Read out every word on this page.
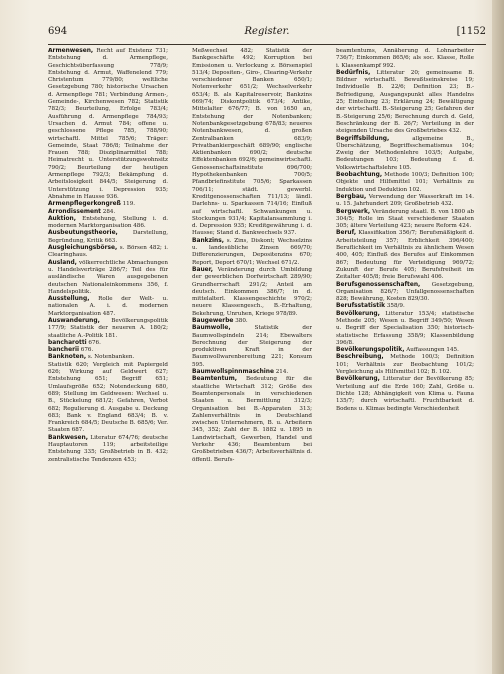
694	Register.	[1152

Armenwesen, Recht auf Existenz 731; Entstehung d. Armenpflege, Geschichtsüberfassung 778/9; Entstehung d. Armut, Waffenelend 779; Christentum 779/80; weltliche Gesetzgebung 780; historische Ursachen d. Armenpflege 781; Verbindung Armen-, Gemeinde-, Kirchenwesen 782; Statistik 782/3; Beurteilung, Erfolge 783/4; Ausführung d. Armenpflege 784/93; Ursachen d. Armut 784; offene u. geschlossene Pflege 785, 788/90; wirtschaftl. Mittel 785/6; Träger: Gemeinde, Staat 786/8; Teilnahme der Frauen 788; Disziplinarmittel 788; Heimatrecht u. Unterstützungswohnsitz 790/2; Beurteilung der heutigen Armenpflege 792/3; Bekämpfung d. Arbeitslosigkeit 844/5; Steigerung d. Unterstützung i. Depression 935; Abnahme in Hausse 936.

Armenpflegerkongreß 119.

Arrondissement 284.

Auktion, Entstehung, Stellung i. d. modernen Marktorganisation 486.

Ausbeutungstheorie, Darstellung, Begründung, Kritik 663.

Ausgleichungsbörse, s. Börsen 482; i. Clearinghaus.

Ausland, völkerrechtliche Abmachungen u. Handelsverträge 286/7; Teil des für ausländische Waren ausgegebenen deutschen Nationaleinkommens 356, f. Handelspolitik.

Ausstellung, Rolle der Welt- u. nationalen A. i. d. modernen Marktorganisation 487.

Auswanderung, Bevölkerungspolitik 177/9; Statistik der neueren A. 180/2; staatliche A.-Politik 181.

bancharotti 676.

bancherii 676.

Banknoten, s. Notenbanken.

Statistik 620; Vergleich mit Papiergeld 626; Wirkung auf Geldwert 627; Entstehung 651; Begriff 651; Umlaufsgröße 652; Notendeckung 680, 689; Stellung im Geldwesen: Wechsel u. B., Stückelung 681/2; Gefahren, Verbot 682; Regulierung d. Ausgabe u. Deckung 683; Bank v. England 683/4; B. v. Frankreich 684/5; Deutsche B. 685/6; Ver. Staaten 687.

Bankwesen, Literatur 674/76; deutsche Hauptautoren 119; arbeitsteilige Entstehung 335; Großbetrieb in B. 432; zentralistische Tendenzen 453;

Meßwechsel 482; Statistik der Bankgeschäfte 492; Korruption bei Emissionen u. Verlockung z. Börsenspiel 513/4; Depositen-, Giro-, Clearing-Verkehr verschiedener Banken 650/1; Notenverkehr 651/2; Wechselverkehr 653/4; B. als Kapitalreservoir, Bankzins 669/74; Diskontpolitik 673/4; Antike, Mittelalter 676/77; B. von 1650 an, Entstehung der Notenbanken; Notenbankgesetzgebung 678/83; neueres Notenbankwesen, d. großen Zentralbanken 683/9; Privatbankiergeschäft 689/90; englische Aktienbanken 690/2; deutsche Effektenbanken 692/6; gemeinwirtschaftl. Genossenschaftsinstitute 696/700; Hypothekenbanken 700/5; Pfandbriefinstitute 705/6; Sparkassen 706/11; städt. gewerbl. Kreditgenossenschaften 711/13; ländl. Darlehns- u. Sparkassen 714/16; Einfluß auf wirtschaftl. Schwankungen u. Stockungen 931/4; Kapitalansammlung i. d. Depression 935; Kreditgewährung i. d. Hausse; Stand d. Bankwechsels 937.

Bankzins, s. Zins, Diskont; Wechselzins u. landesübliche Zinsen 669/70; Differenzierungen, Depositenzins 670; Report, Deport 670/1; Wechsel 671/2.

Bauer, Veränderung durch Umbildung der gewerblichen Dorfwirtschaft 289/90; Grundherrschaft 291/2; Anteil am deutsch. Einkommen 386/7; in d. mittelalterl. Klassengeschichte 970/2; neuere Klassengesch., B.-Erhaltung, Bekehrung, Unruhen, Kriege 978/89.

Baugewerbe 380.

Baumwolle, Statistik der Baumwollspindeln 214; Ebewalters Berechnung der Steigerung der produktiven Kraft in der Baumwollwarenbereitung 221; Konsum 595.

Baumwollspinnmaschine 214.

Beamtentum, Bedeutung für die staatliche Wirtschaft 312; Größe des Beamtenpersonals in verschiedenen Staaten u. Bermittlung 312/3; Organisation bei B.-Apparaten 313; Zahlenverhältnis in Deutschland zwischen Unternehmern, B. u. Arbeitern 345, 352; Zahl der B. 1882 u. 1895 in Landwirtschaft, Gewerben, Handel und Verkehr 436; Beamtentum bei Großbetrieben 436/7; Arbeitsverhältnis d. öffentl. Berufs-

beamtentums, Annäherung d. Lohnarbeiter 736/7; Einkommen 865/6; als soc. Klasse, Rolle i. Klassenkampf 992.

Bedürfnis, Litteratur 20; gemeinsame B. Bildner wirtschaftl. Bewußtseinskreise 19; Individuelle B. 22/6; Definition 23; B.-Befriedigung, Ausgangspunkt alles Handelns 25; Einteilung 23; Erklärung 24; Bewältigung der wirtschaftl. B.-Steigerung 25; Gefahren der B.-Steigerung 25/6; Berechnung durch d. Geld, Beschränkung der B. 26/7; Verteilung in der steigenden Ursache des Großbetriebes 432.

Begriffsbildung, allgemeine B., Überschätzung, Begriffsschematismus 104; Zweig der Methodenlehre 103/5; Aufgabe, Bedeutungen 103; Bedeutung f. d. Volkswirtschaftslehre 105.

Beobachtung, Methode 100/3; Definition 100; Objekte und Hilfsmittel 101; Verhältnis zu Induktion und Deduktion 102.

Bergbau, Verwendung der Wasserkraft im 14. u. 15. Jahrhundert 209; Großbetrieb 432.

Bergwerk, Veränderung staatl. B. von 1800 ab 304/5; Rolle im Staat verschiedener Staaten 305; ältere Verteilung 423; neuere Reform 424.

Beruf, Klassifikation 356/7; Berufsmäßigkeit d. Arbeitsteilung 357; Erblichkeit 396/400; Beruflichkeit im Verhältnis zu ähnlichem Wesen 400, 405; Einfluß des Berufes auf Einkommen 867; Bedeutung für Verteidigung 969/72; Zukunft der Berufe 405; Berufsfreiheit im Zeitalter 405/8; freie Berufswahl 406.

Berufsgenossenschaften, Gesetzgebung, Organisation 826/7; Unfallgenossenschaften 828; Bewährung, Kosten 829/30.

Berufsstatistik 358/9.

Bevölkerung, Litteratur 153/4; statistische Methode 205; Wesen u. Begriff 349/50; Wesen u. Begriff der Specialisation 350; historisch-statistische Erfassung 358/9; Klassenbildung 396/8.

Bevölkerungspolitik, Auffassungen 145.

Beschreibung, Methode 100/3; Definition 101; Verhältnis zur Beobachtung 101/2; Vergleichung als Hilfsmittel 102; B. 102.

Bevölkerung, Litteratur der Bevölkerung 85; Verteilung auf die Erde 160; Zahl, Größe u. Dichte 128; Abhängigkeit von Klima u. Fauna 135/7; durch wirtschaftl. Fruchtbarkeit d. Bodens u. Klimas bedingte Verschiedenheit
